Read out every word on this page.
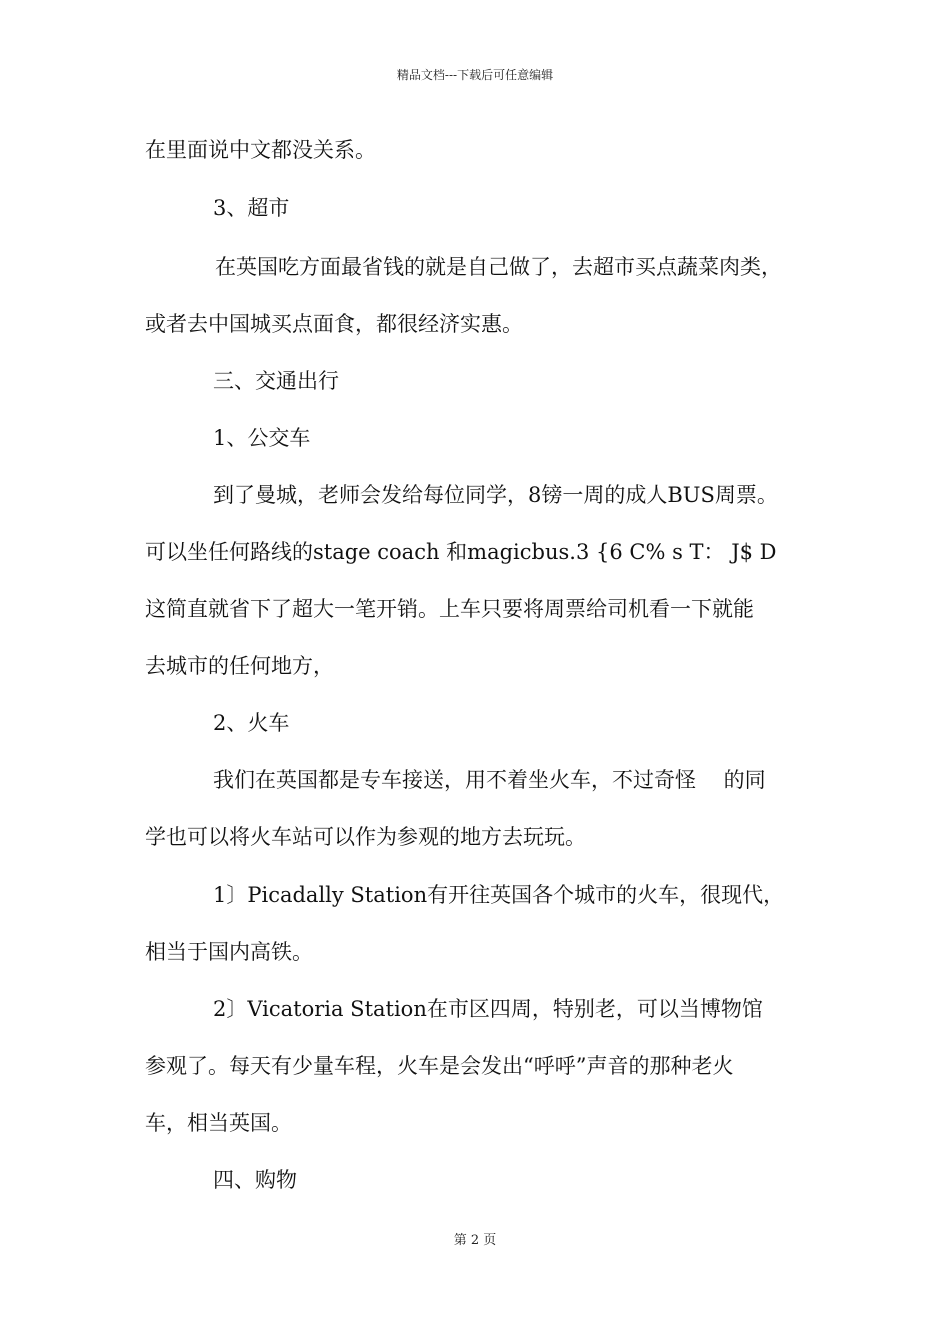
精品文档---下载后可任意编辑
在里面说中文都没关系。
3、超市
在英国吃方面最省钱的就是自己做了，去超市买点蔬菜肉类，
或者去中国城买点面食，都很经济实惠。
三、交通出行
1、公交车
到了曼城，老师会发给每位同学，8镑一周的成人BUS周票。
可以坐任何路线的stage coach 和magicbus.3 {6 C% s T： J$ D
这简直就省下了超大一笔开销。上车只要将周票给司机看一下就能
去城市的任何地方，
2、火车
我们在英国都是专车接送，用不着坐火车，不过奇怪　 的同
学也可以将火车站可以作为参观的地方去玩玩。
1〕Picadally Station有开往英国各个城市的火车，很现代，
相当于国内高铁。
2〕Vicatoria Station在市区四周，特别老，可以当博物馆
参观了。每天有少量车程，火车是会发出“呼呼”声音的那种老火
车，相当英国。
四、购物
第 2 页
